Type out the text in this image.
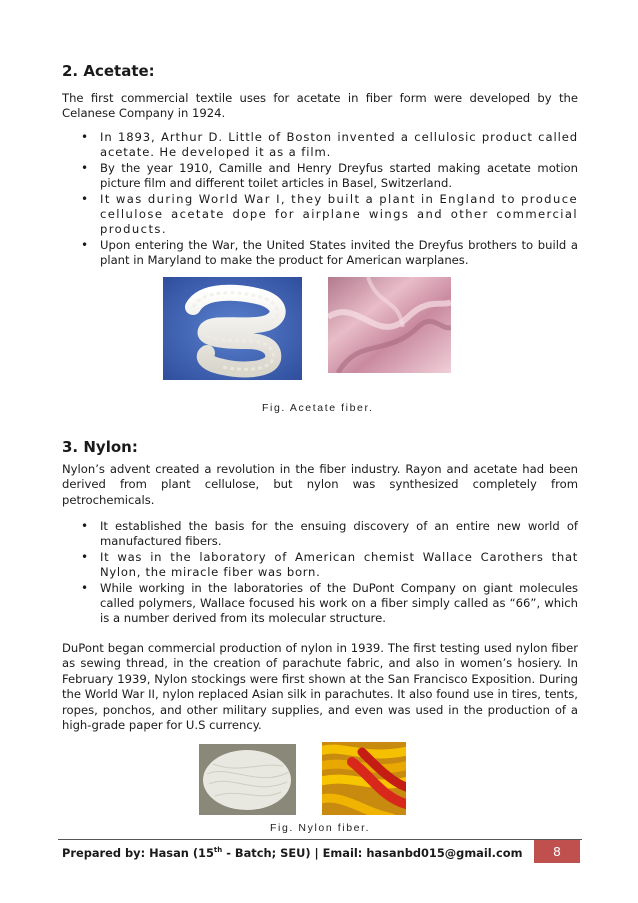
2. Acetate:

The first commercial textile uses for acetate in fiber form were developed by the Celanese Company in 1924.

• In 1893, Arthur D. Little of Boston invented a cellulosic product called acetate. He developed it as a film.
• By the year 1910, Camille and Henry Dreyfus started making acetate motion picture film and different toilet articles in Basel, Switzerland.
• It was during World War I, they built a plant in England to produce cellulose acetate dope for airplane wings and other commercial products.
• Upon entering the War, the United States invited the Dreyfus brothers to build a plant in Maryland to make the product for American warplanes.
3. Nylon:

Nylon’s advent created a revolution in the fiber industry. Rayon and acetate had been derived from plant cellulose, but nylon was synthesized completely from petrochemicals.

• It established the basis for the ensuing discovery of an entire new world of manufactured fibers.
• It was in the laboratory of American chemist Wallace Carothers that Nylon, the miracle fiber was born.
• While working in the laboratories of the DuPont Company on giant molecules called polymers, Wallace focused his work on a fiber simply called as “66”, which is a number derived from its molecular structure.

DuPont began commercial production of nylon in 1939. The first testing used nylon fiber as sewing thread, in the creation of parachute fabric, and also in women’s hosiery. In February 1939, Nylon stockings were first shown at the San Francisco Exposition. During the World War II, nylon replaced Asian silk in parachutes. It also found use in tires, tents, ropes, ponchos, and other military supplies, and even was used in the production of a high-grade paper for U.S currency.

Fig. Acetate fiber.
Fig. Nylon fiber.
Prepared by: Hasan (15th - Batch; SEU) | Email: hasanbd015@gmail.com	8
